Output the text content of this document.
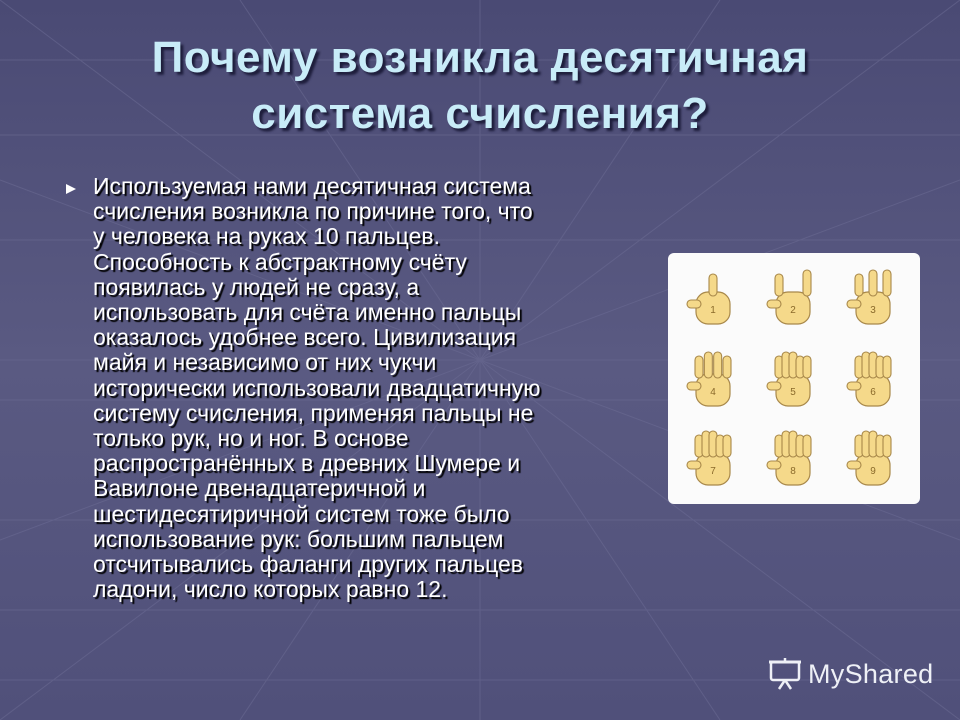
Почему возникла десятичная
система счисления?
Используемая нами десятичная система
счисления возникла по причине того, что
у человека на руках 10 пальцев.
Способность к абстрактному счёту
появилась у людей не сразу, а
использовать для счёта именно пальцы
оказалось удобнее всего. Цивилизация
майя и независимо от них чукчи
исторически использовали двадцатичную
систему счисления, применяя пальцы не
только рук, но и ног. В основе
распространённых в древних Шумере и
Вавилоне двенадцатеричной и
шестидесятиричной систем тоже было
использование рук: большим пальцем
отсчитывались фаланги других пальцев
ладони, число которых равно 12.
1	2	3
4	5	6
7	8	9
MyShared
